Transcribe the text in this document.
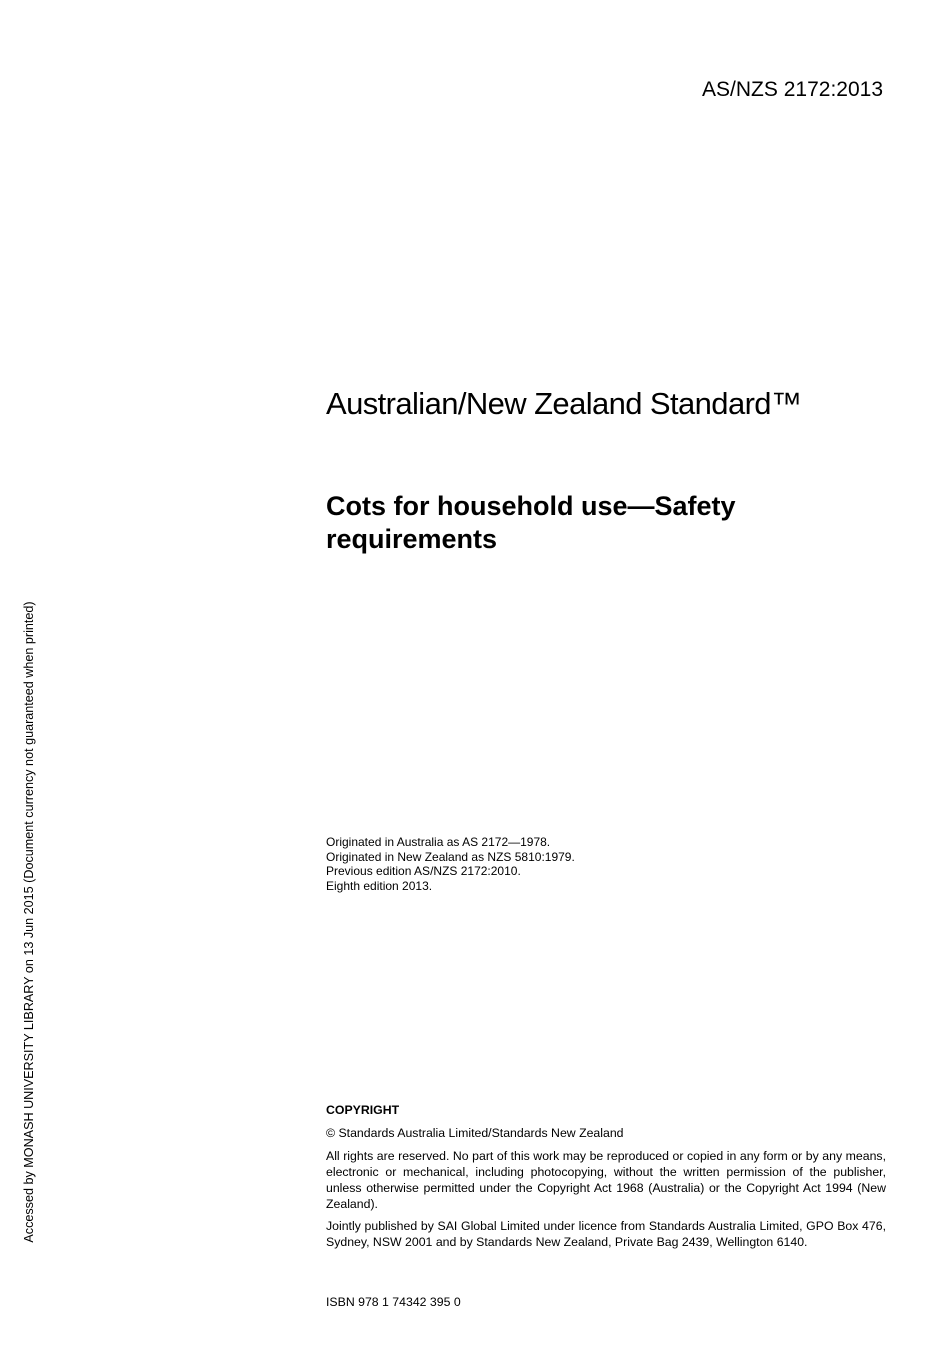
AS/NZS 2172:2013
Australian/New Zealand Standard™
Cots for household use—Safety requirements
Originated in Australia as AS 2172—1978.
Originated in New Zealand as NZS 5810:1979.
Previous edition AS/NZS 2172:2010.
Eighth edition 2013.
Accessed by MONASH UNIVERSITY LIBRARY on 13 Jun 2015 (Document currency not guaranteed when printed)	COPYRIGHT
© Standards Australia Limited/Standards New Zealand

All rights are reserved. No part of this work may be reproduced or copied in any form or by any means, electronic or mechanical, including photocopying, without the written permission of the publisher, unless otherwise permitted under the Copyright Act 1968 (Australia) or the Copyright Act 1994 (New Zealand).

Jointly published by SAI Global Limited under licence from Standards Australia Limited, GPO Box 476, Sydney, NSW 2001 and by Standards New Zealand, Private Bag 2439, Wellington 6140.

ISBN 978 1 74342 395 0
